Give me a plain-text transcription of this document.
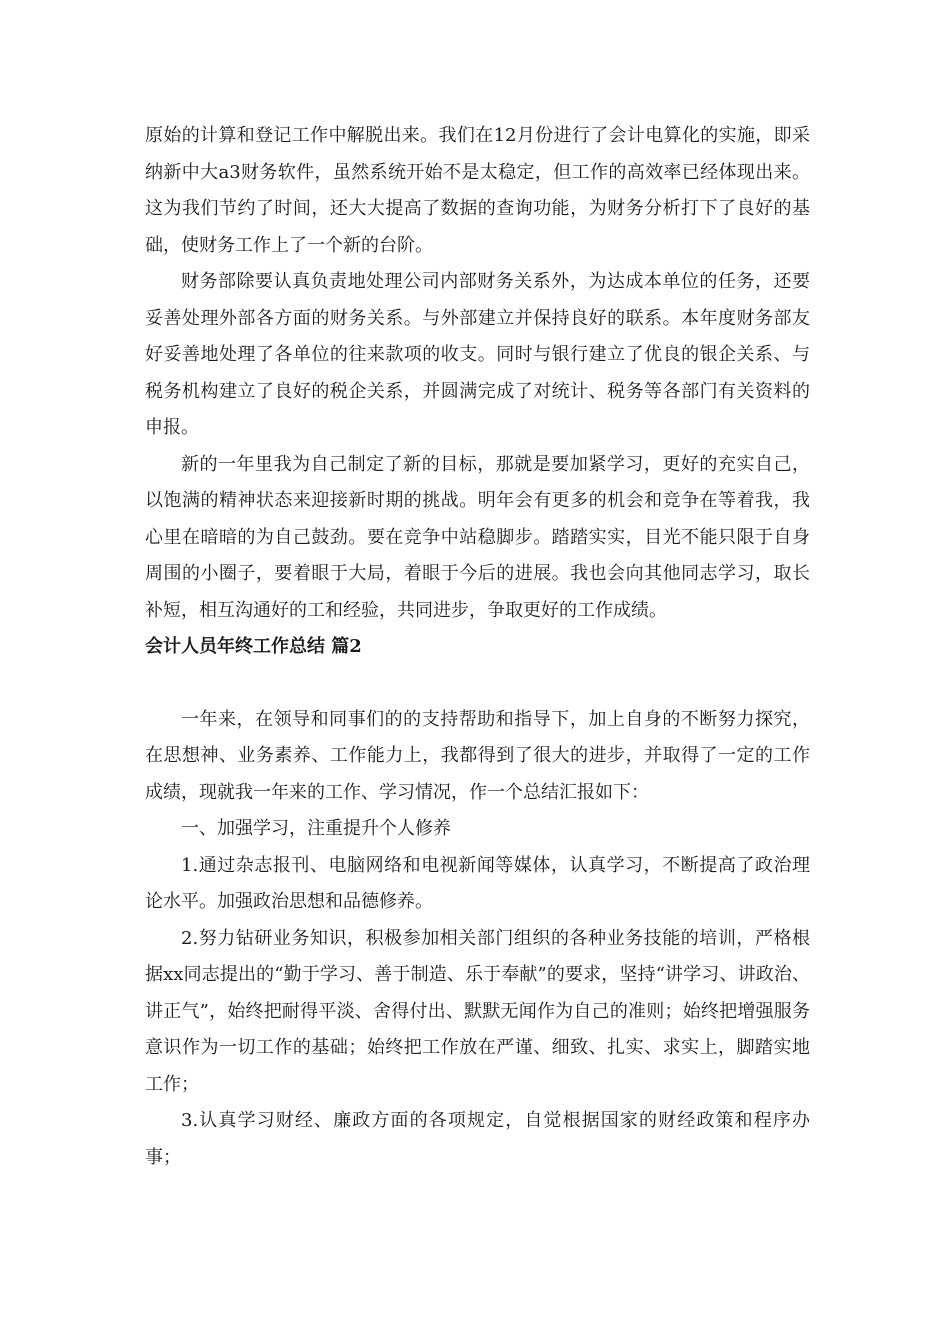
原始的计算和登记工作中解脱出来。我们在12月份进行了会计电算化的实施，即采纳新中大a3财务软件，虽然系统开始不是太稳定，但工作的高效率已经体现出来。这为我们节约了时间，还大大提高了数据的查询功能，为财务分析打下了良好的基础，使财务工作上了一个新的台阶。

财务部除要认真负责地处理公司内部财务关系外，为达成本单位的任务，还要妥善处理外部各方面的财务关系。与外部建立并保持良好的联系。本年度财务部友好妥善地处理了各单位的往来款项的收支。同时与银行建立了优良的银企关系、与税务机构建立了良好的税企关系，并圆满完成了对统计、税务等各部门有关资料的申报。

新的一年里我为自己制定了新的目标，那就是要加紧学习，更好的充实自己，以饱满的精神状态来迎接新时期的挑战。明年会有更多的机会和竞争在等着我，我心里在暗暗的为自己鼓劲。要在竞争中站稳脚步。踏踏实实，目光不能只限于自身周围的小圈子，要着眼于大局，着眼于今后的进展。我也会向其他同志学习，取长补短，相互沟通好的工和经验，共同进步，争取更好的工作成绩。

会计人员年终工作总结 篇2

一年来，在领导和同事们的的支持帮助和指导下，加上自身的不断努力探究，在思想神、业务素养、工作能力上，我都得到了很大的进步，并取得了一定的工作成绩，现就我一年来的工作、学习情况，作一个总结汇报如下：

一、加强学习，注重提升个人修养

1.通过杂志报刊、电脑网络和电视新闻等媒体，认真学习，不断提高了政治理论水平。加强政治思想和品德修养。

2.努力钻研业务知识，积极参加相关部门组织的各种业务技能的培训，严格根据xx同志提出的“勤于学习、善于制造、乐于奉献”的要求，坚持“讲学习、讲政治、讲正气”，始终把耐得平淡、舍得付出、默默无闻作为自己的准则；始终把增强服务意识作为一切工作的基础；始终把工作放在严谨、细致、扎实、求实上，脚踏实地工作；

3.认真学习财经、廉政方面的各项规定，自觉根据国家的财经政策和程序办事；
